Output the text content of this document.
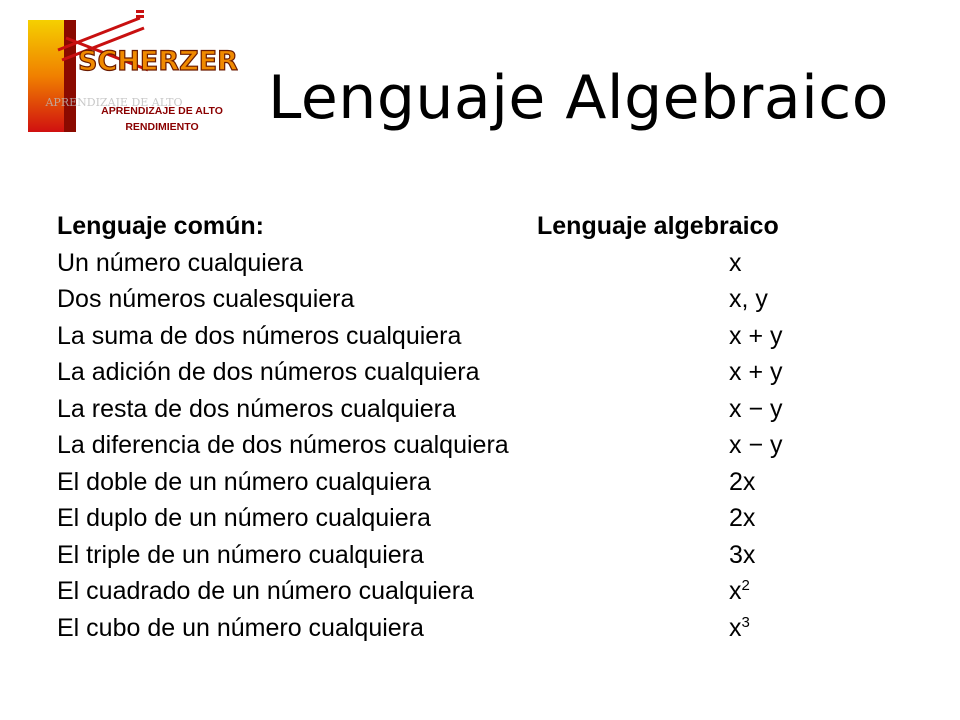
SCHERZER
APRENDIZAJE DE ALTO
APRENDIZAJE DE ALTO
RENDIMIENTO Lenguaje Algebraico
Lenguaje común:	Lenguaje algebraico
Un número cualquiera	x
Dos números cualesquiera	x, y
La suma de dos números cualquiera	x + y
La adición de dos números cualquiera	x + y
La resta de dos números cualquiera	x − y
La diferencia de dos números cualquiera	x − y
El doble de un número cualquiera	2x
El duplo de un número cualquiera	2x
El triple de un número cualquiera	3x
El cuadrado de un número cualquiera	$x^2$
El cubo de un número cualquiera	$x^3$
